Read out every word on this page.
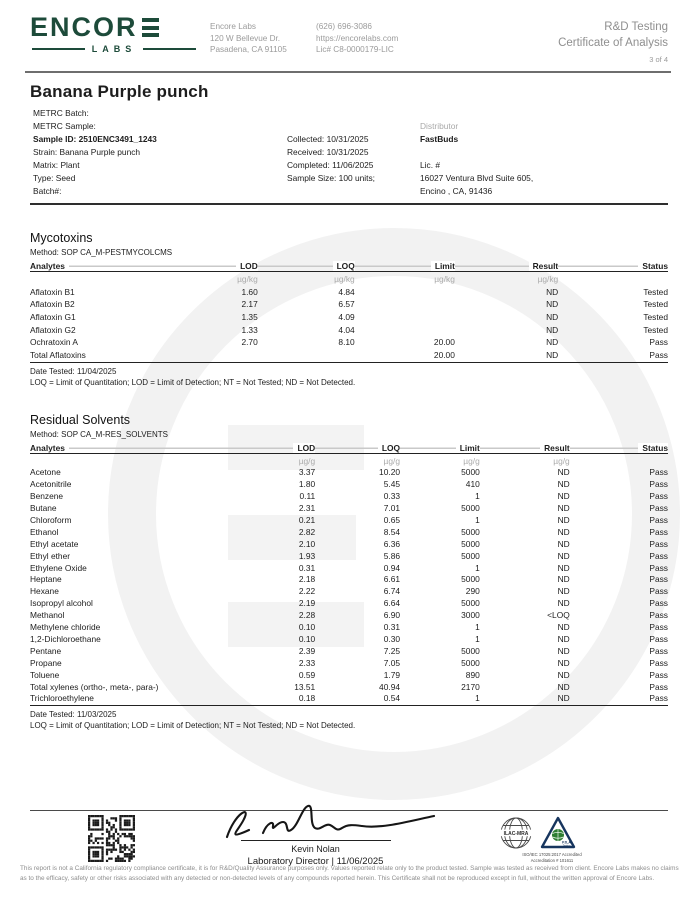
ENCOR
LABS
Encore Labs
120 W Bellevue Dr.
Pasadena, CA 91105
(626) 696-3086
https://encorelabs.com
Lic# C8-0000179-LIC
R&D Testing
Certificate of Analysis
3 of 4
Banana Purple punch
METRC Batch:
METRC Sample:
Sample ID: 2510ENC3491_1243
Strain: Banana Purple punch
Matrix: Plant
Type: Seed
Batch#:
Collected: 10/31/2025
Received: 10/31/2025
Completed: 11/06/2025
Sample Size: 100 units;
Distributor
FastBuds
Lic. #
16027 Ventura Blvd Suite 605,
Encino , CA, 91436
Mycotoxins
Method: SOP CA_M-PESTMYCOLCMS
Analytes	LOD	LOQ	Limit	Result	Status
	µg/kg	µg/kg	µg/kg	µg/kg	
Aflatoxin B1	1.60	4.84		ND	Tested
Aflatoxin B2	2.17	6.57		ND	Tested
Aflatoxin G1	1.35	4.09		ND	Tested
Aflatoxin G2	1.33	4.04		ND	Tested
Ochratoxin A	2.70	8.10	20.00	ND	Pass
Total Aflatoxins			20.00	ND	Pass
Date Tested: 11/04/2025
LOQ = Limit of Quantitation; LOD = Limit of Detection; NT = Not Tested; ND = Not Detected.
Residual Solvents
Method: SOP CA_M-RES_SOLVENTS
Analytes	LOD	LOQ	Limit	Result	Status
	µg/g	µg/g	µg/g	µg/g	
Acetone	3.37	10.20	5000	ND	Pass
Acetonitrile	1.80	5.45	410	ND	Pass
Benzene	0.11	0.33	1	ND	Pass
Butane	2.31	7.01	5000	ND	Pass
Chloroform	0.21	0.65	1	ND	Pass
Ethanol	2.82	8.54	5000	ND	Pass
Ethyl acetate	2.10	6.36	5000	ND	Pass
Ethyl ether	1.93	5.86	5000	ND	Pass
Ethylene Oxide	0.31	0.94	1	ND	Pass
Heptane	2.18	6.61	5000	ND	Pass
Hexane	2.22	6.74	290	ND	Pass
Isopropyl alcohol	2.19	6.64	5000	ND	Pass
Methanol	2.28	6.90	3000	<LOQ	Pass
Methylene chloride	0.10	0.31	1	ND	Pass
1,2-Dichloroethane	0.10	0.30	1	ND	Pass
Pentane	2.39	7.25	5000	ND	Pass
Propane	2.33	7.05	5000	ND	Pass
Toluene	0.59	1.79	890	ND	Pass
Total xylenes (ortho-, meta-, para-)	13.51	40.94	2170	ND	Pass
Trichloroethylene	0.18	0.54	1	ND	Pass
Date Tested: 11/03/2025
LOQ = Limit of Quantitation; LOD = Limit of Detection; NT = Not Tested; ND = Not Detected.
Kevin Nolan
Laboratory Director | 11/06/2025
ILAC-MRA
PJLA
Testing
ISO/IEC 17025:2017 Accredited
Accreditation # 101611
This report is not a California regulatory compliance certificate, it is for R&D/Quality Assurance purposes only. Values reported relate only to the product tested. Sample was tested as received from client. Encore Labs makes no claims as to the efficacy, safety or other risks associated with any detected or non-detected levels of any compounds reported herein. This Certificate shall not be reproduced except in full, without the written approval of Encore Labs.
